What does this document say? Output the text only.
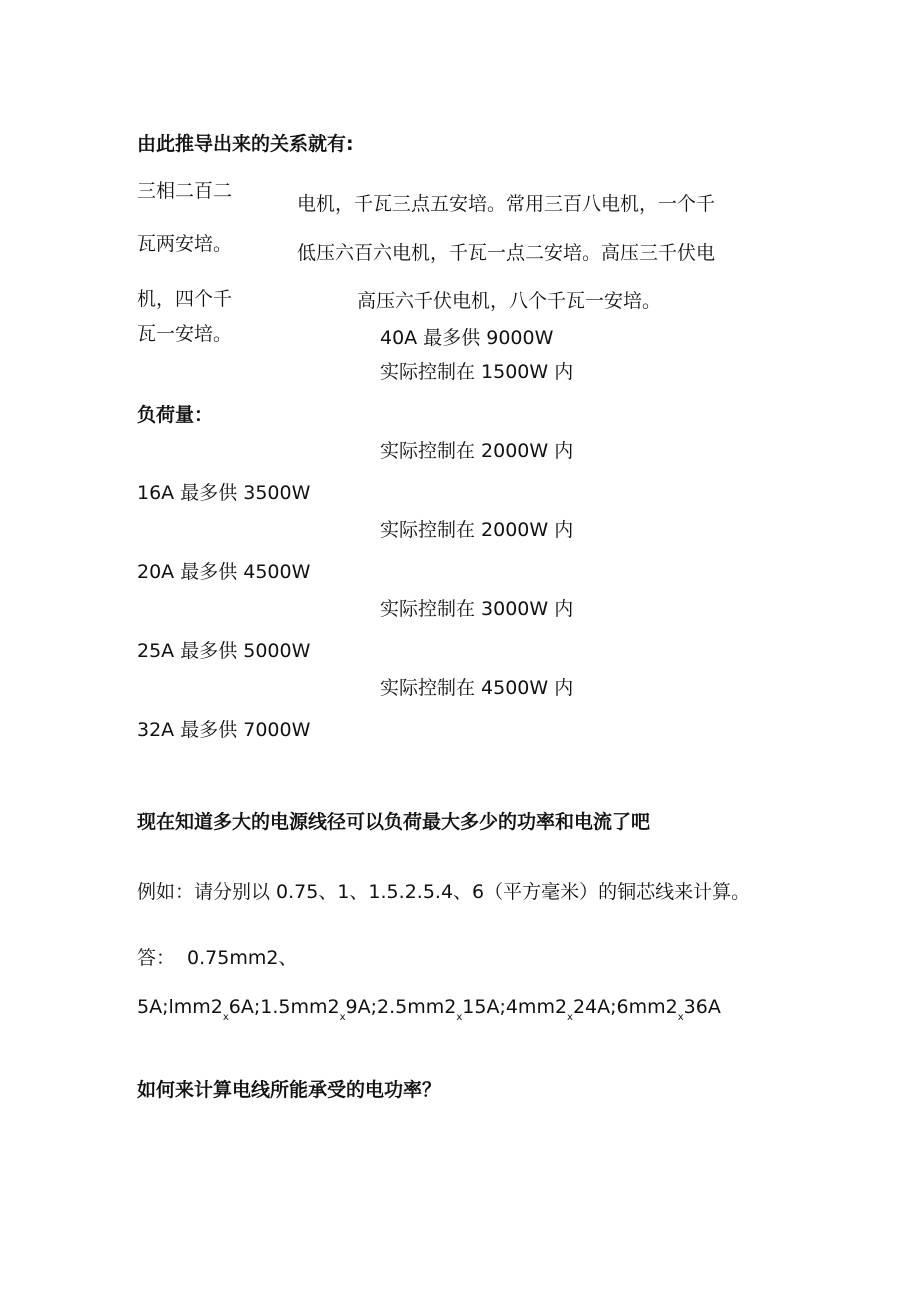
由此推导出来的关系就有:

三相二百二

电机，千瓦三点五安培。常用三百八电机，一个千

瓦两安培。	低压六百六电机，千瓦一点二安培。高压三千伏电

机，四个千	高压六千伏电机，八个千瓦一安培。

瓦一安培。	40A 最多供 9000W

实际控制在 1500W 内

负荷量：

实际控制在 2000W 内

16A 最多供 3500W

实际控制在 2000W 内

20A 最多供 4500W

实际控制在 3000W 内

25A 最多供 5000W

实际控制在 4500W 内

32A 最多供 7000W

现在知道多大的电源线径可以负荷最大多少的功率和电流了吧

例如：请分别以 0.75、1、1.5.2.5.4、6（平方毫米）的铜芯线来计算。

答： 0.75mm2、

$5A;lmm2_x6A;1.5mm2_x9A;2.5mm2_x15A;4mm2_x24A;6mm2_x36A$

如何来计算电线所能承受的电功率？
